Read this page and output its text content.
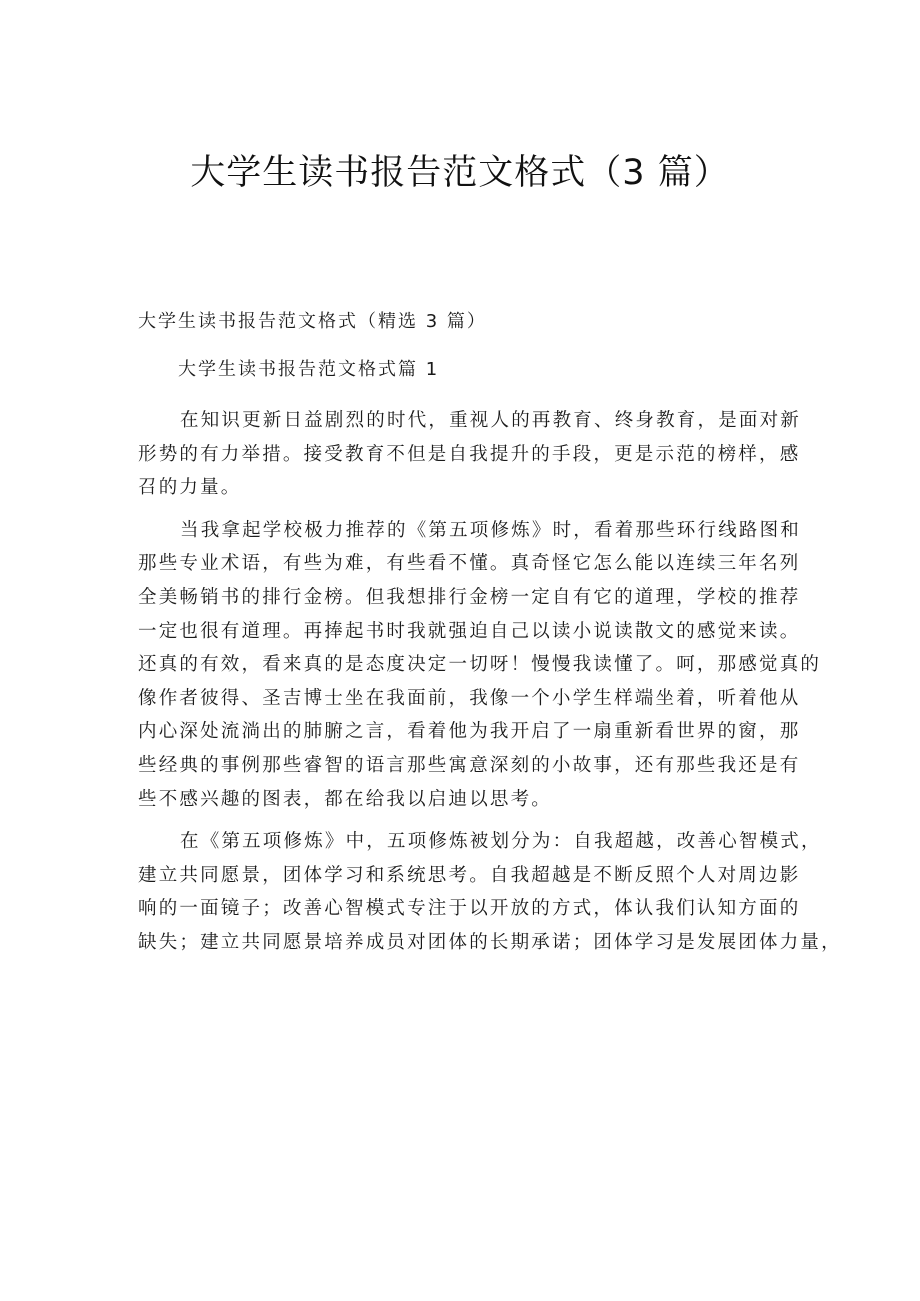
大学生读书报告范文格式（3 篇）
大学生读书报告范文格式（精选 3 篇）
大学生读书报告范文格式篇 1
在知识更新日益剧烈的时代，重视人的再教育、终身教育，是面对新
形势的有力举措。接受教育不但是自我提升的手段，更是示范的榜样，感
召的力量。
当我拿起学校极力推荐的《第五项修炼》时，看着那些环行线路图和
那些专业术语，有些为难，有些看不懂。真奇怪它怎么能以连续三年名列
全美畅销书的排行金榜。但我想排行金榜一定自有它的道理，学校的推荐
一定也很有道理。再捧起书时我就强迫自己以读小说读散文的感觉来读。
还真的有效，看来真的是态度决定一切呀！慢慢我读懂了。呵，那感觉真的
像作者彼得、圣吉博士坐在我面前，我像一个小学生样端坐着，听着他从
内心深处流淌出的肺腑之言，看着他为我开启了一扇重新看世界的窗，那
些经典的事例那些睿智的语言那些寓意深刻的小故事，还有那些我还是有
些不感兴趣的图表，都在给我以启迪以思考。
在《第五项修炼》中，五项修炼被划分为：自我超越，改善心智模式，
建立共同愿景，团体学习和系统思考。自我超越是不断反照个人对周边影
响的一面镜子；改善心智模式专注于以开放的方式，体认我们认知方面的
缺失；建立共同愿景培养成员对团体的长期承诺；团体学习是发展团体力量，
